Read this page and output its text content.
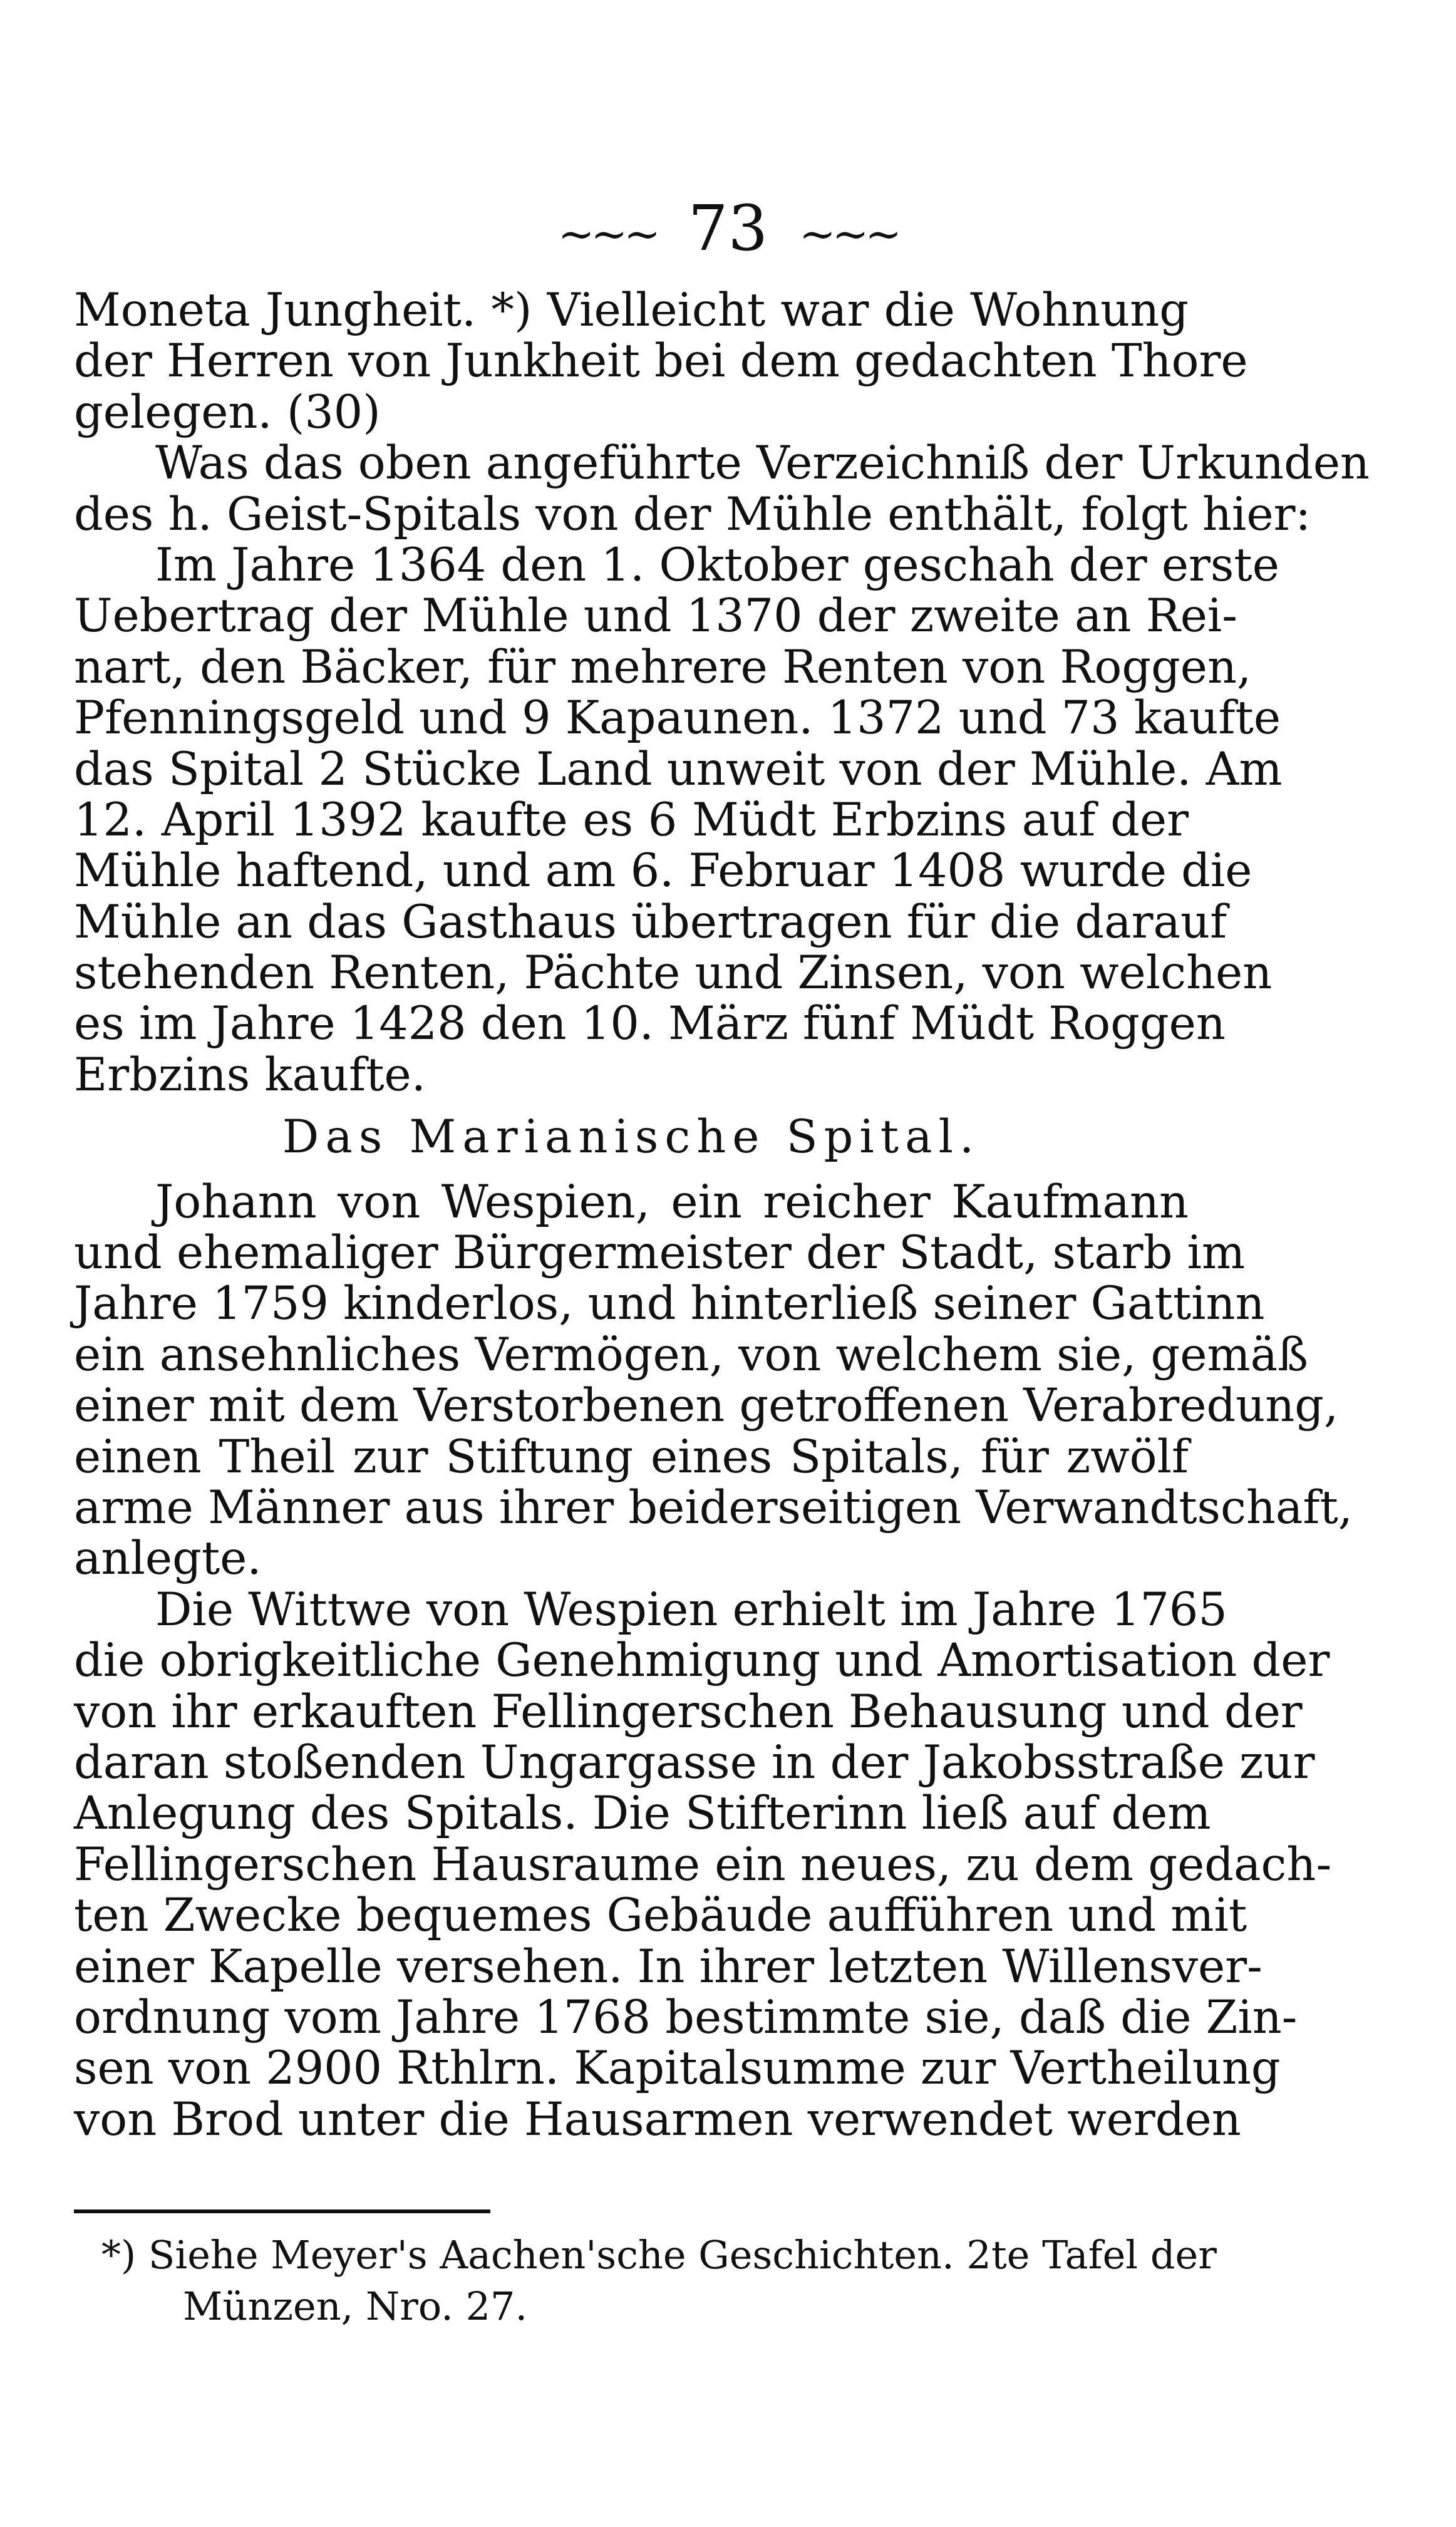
~~~ 73 ~~~
Moneta Jungheit. *) Vielleicht war die Wohnung
der Herren von Junkheit bei dem gedachten Thore
gelegen. (30)
Was das oben angeführte Verzeichniß der Urkunden
des h. Geist-Spitals von der Mühle enthält, folgt hier:
Im Jahre 1364 den 1. Oktober geschah der erste
Uebertrag der Mühle und 1370 der zweite an Rei-
nart, den Bäcker, für mehrere Renten von Roggen,
Pfenningsgeld und 9 Kapaunen. 1372 und 73 kaufte
das Spital 2 Stücke Land unweit von der Mühle. Am
12. April 1392 kaufte es 6 Müdt Erbzins auf der
Mühle haftend, und am 6. Februar 1408 wurde die
Mühle an das Gasthaus übertragen für die darauf
stehenden Renten, Pächte und Zinsen, von welchen
es im Jahre 1428 den 10. März fünf Müdt Roggen
Erbzins kaufte.
Das Marianische Spital.
Johann von Wespien, ein reicher Kaufmann
und ehemaliger Bürgermeister der Stadt, starb im
Jahre 1759 kinderlos, und hinterließ seiner Gattinn
ein ansehnliches Vermögen, von welchem sie, gemäß
einer mit dem Verstorbenen getroffenen Verabredung,
einen Theil zur Stiftung eines Spitals, für zwölf
arme Männer aus ihrer beiderseitigen Verwandtschaft,
anlegte.
Die Wittwe von Wespien erhielt im Jahre 1765
die obrigkeitliche Genehmigung und Amortisation der
von ihr erkauften Fellingerschen Behausung und der
daran stoßenden Ungargasse in der Jakobsstraße zur
Anlegung des Spitals. Die Stifterinn ließ auf dem
Fellingerschen Hausraume ein neues, zu dem gedach-
ten Zwecke bequemes Gebäude aufführen und mit
einer Kapelle versehen. In ihrer letzten Willensver-
ordnung vom Jahre 1768 bestimmte sie, daß die Zin-
sen von 2900 Rthlrn. Kapitalsumme zur Vertheilung
von Brod unter die Hausarmen verwendet werden
*) Siehe Meyer's Aachen'sche Geschichten. 2te Tafel der
Münzen, Nro. 27.
